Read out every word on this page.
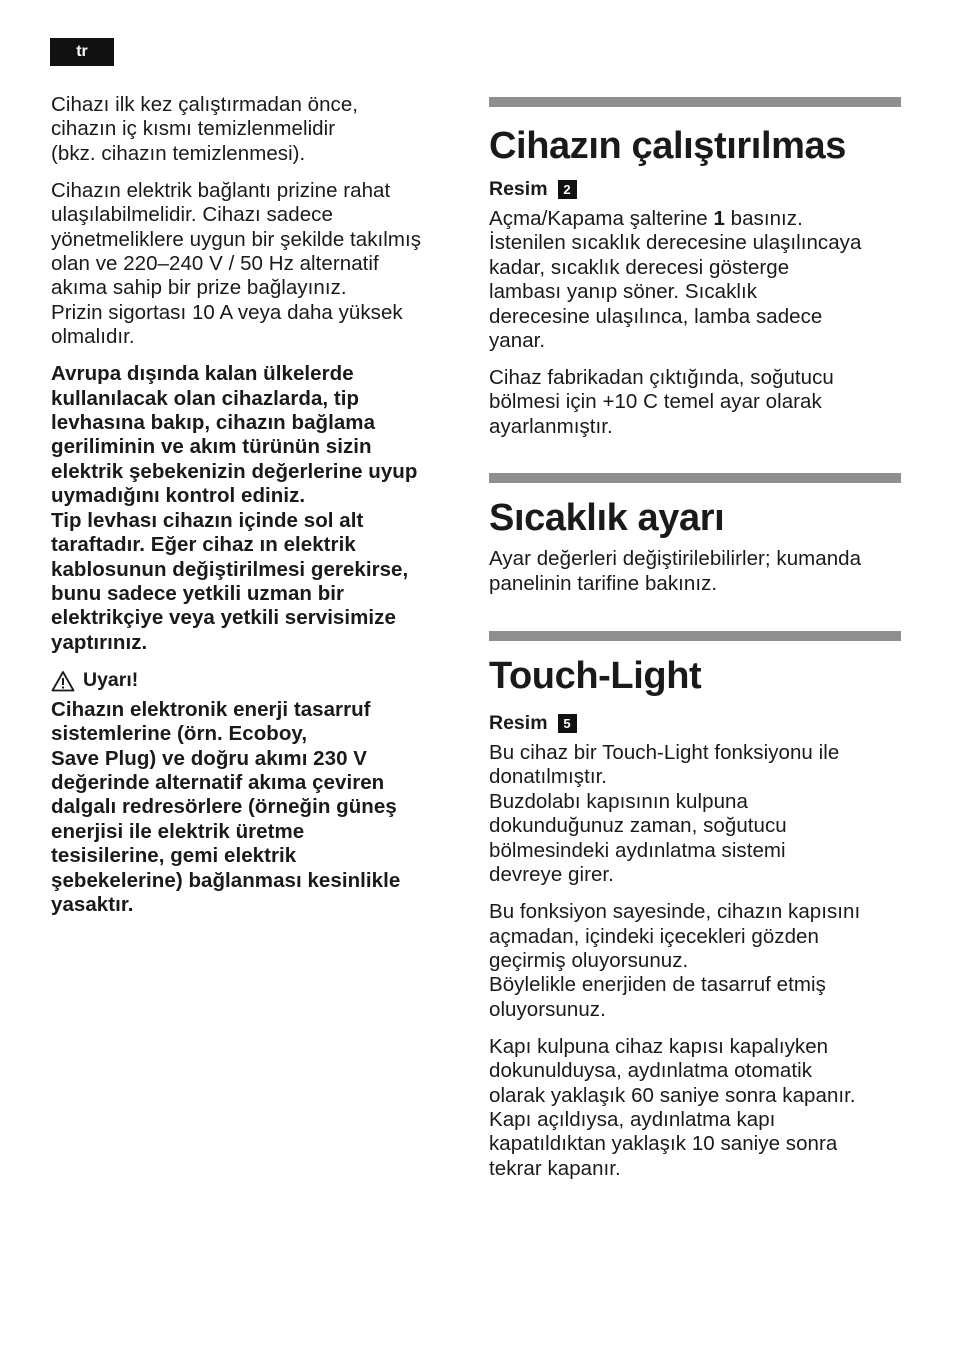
tr

Cihazı ilk kez çalıştırmadan önce,

cihazın iç kısmı temizlenmelidir

(bkz. cihazın temizlenmesi).

Cihazın elektrik bağlantı prizine rahat

ulaşılabilmelidir. Cihazı sadece

yönetmeliklere uygun bir şekilde takılmış

olan ve 220–240 V / 50 Hz alternatif

akıma sahip bir prize bağlayınız.

Prizin sigortası 10 A veya daha yüksek

olmalıdır.

Avrupa dışında kalan ülkelerde

kullanılacak olan cihazlarda, tip

levhasına bakıp, cihazın bağlama

geriliminin ve akım türünün sizin

elektrik şebekenizin değerlerine uyup

uymadığını kontrol ediniz.

Tip levhası cihazın içinde sol alt

taraftadır. Eğer cihaz ın elektrik

kablosunun değiştirilmesi gerekirse,

bunu sadece yetkili uzman bir

elektrikçiye veya yetkili servisimize

yaptırınız.

Uyarı!

Cihazın elektronik enerji tasarruf

sistemlerine (örn. Ecoboy,

Save Plug) ve doğru akımı 230 V

değerinde alternatif akıma çeviren

dalgalı redresörlere (örneğin güneş

enerjisi ile elektrik üretme

tesisilerine, gemi elektrik

şebekelerine) bağlanması kesinlikle

yasaktır.

Cihazın çalıştırılmas
Resim	2

Açma/Kapama şalterine 1 basınız.

İstenilen sıcaklık derecesine ulaşılıncaya

kadar, sıcaklık derecesi gösterge

lambası yanıp söner. Sıcaklık

derecesine ulaşılınca, lamba sadece

yanar.

Cihaz fabrikadan çıktığında, soğutucu

bölmesi için +10 C temel ayar olarak

ayarlanmıştır.

Sıcaklık ayarı

Ayar değerleri değiştirilebilirler; kumanda

panelinin tarifine bakınız.

Touch-Light
Resim	5

Bu cihaz bir Touch-Light fonksiyonu ile

donatılmıştır.

Buzdolabı kapısının kulpuna

dokunduğunuz zaman, soğutucu

bölmesindeki aydınlatma sistemi

devreye girer.

Bu fonksiyon sayesinde, cihazın kapısını

açmadan, içindeki içecekleri gözden

geçirmiş oluyorsunuz.

Böylelikle enerjiden de tasarruf etmiş

oluyorsunuz.

Kapı kulpuna cihaz kapısı kapalıyken

dokunulduysa, aydınlatma otomatik

olarak yaklaşık 60 saniye sonra kapanır.

Kapı açıldıysa, aydınlatma kapı

kapatıldıktan yaklaşık 10 saniye sonra

tekrar kapanır.
